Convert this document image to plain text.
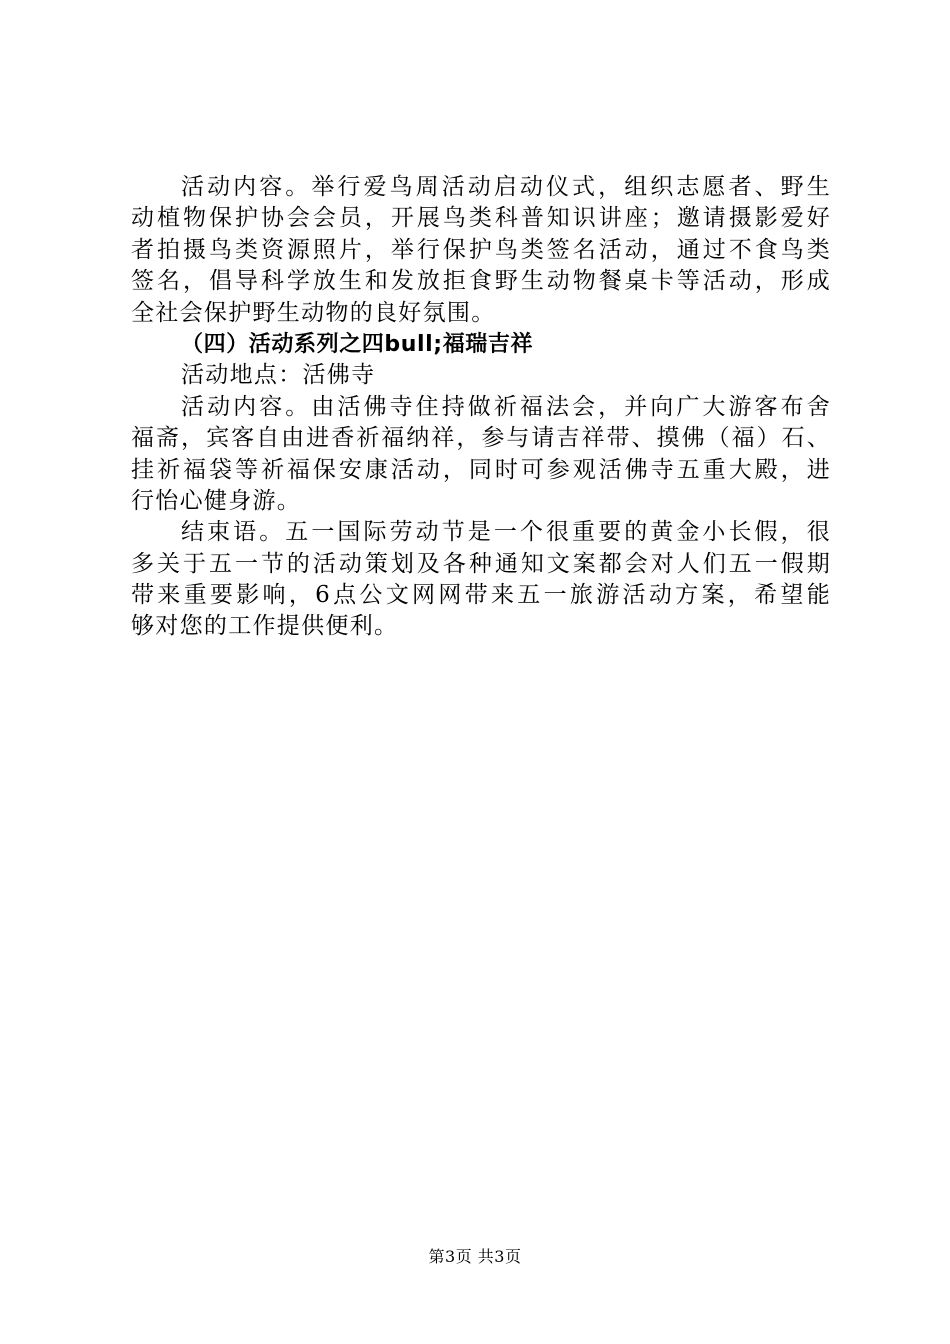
活动内容。举行爱鸟周活动启动仪式，组织志愿者、野生
动植物保护协会会员，开展鸟类科普知识讲座；邀请摄影爱好
者拍摄鸟类资源照片，举行保护鸟类签名活动，通过不食鸟类
签名，倡导科学放生和发放拒食野生动物餐桌卡等活动，形成
全社会保护野生动物的良好氛围。
（四）活动系列之四bull;福瑞吉祥
活动地点：活佛寺
活动内容。由活佛寺住持做祈福法会，并向广大游客布舍
福斋，宾客自由进香祈福纳祥，参与请吉祥带、摸佛（福）石、
挂祈福袋等祈福保安康活动，同时可参观活佛寺五重大殿，进
行怡心健身游。
结束语。五一国际劳动节是一个很重要的黄金小长假，很
多关于五一节的活动策划及各种通知文案都会对人们五一假期
带来重要影响，6点公文网网带来五一旅游活动方案，希望能
够对您的工作提供便利。
第3页 共3页
